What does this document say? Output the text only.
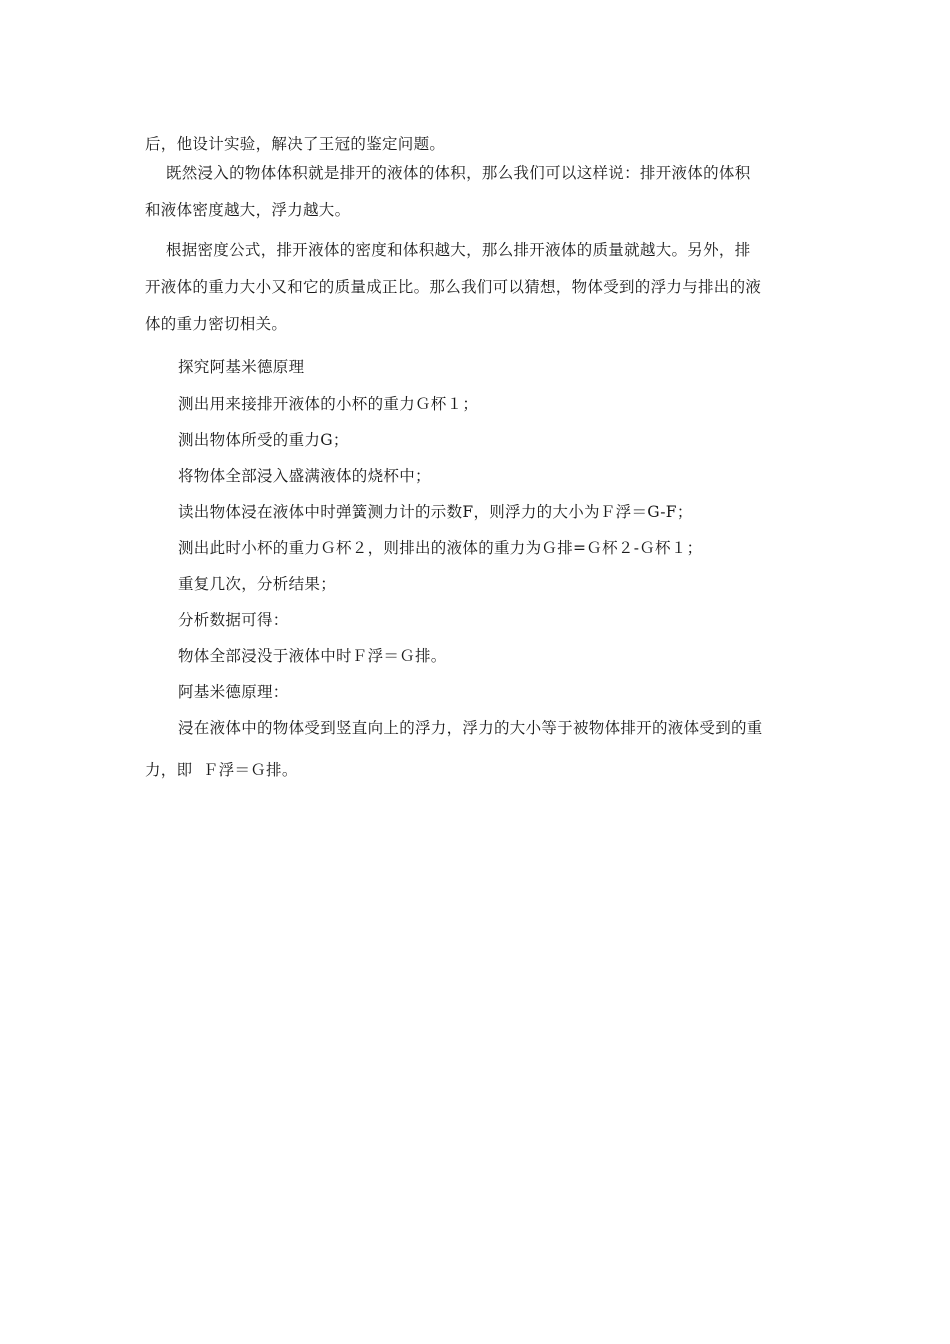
后，他设计实验，解决了王冠的鉴定问题。
既然浸入的物体体积就是排开的液体的体积，那么我们可以这样说：排开液体的体积
和液体密度越大，浮力越大。
根据密度公式，排开液体的密度和体积越大，那么排开液体的质量就越大。另外，排
开液体的重力大小又和它的质量成正比。那么我们可以猜想，物体受到的浮力与排出的液
体的重力密切相关。
探究阿基米德原理
测出用来接排开液体的小杯的重力Ｇ杯１；
测出物体所受的重力G；
将物体全部浸入盛满液体的烧杯中；
读出物体浸在液体中时弹簧测力计的示数F，则浮力的大小为Ｆ浮＝G-F；
测出此时小杯的重力Ｇ杯２，则排出的液体的重力为Ｇ排=Ｇ杯２-Ｇ杯１；
重复几次，分析结果；
分析数据可得：
物体全部浸没于液体中时Ｆ浮＝Ｇ排。
阿基米德原理：
浸在液体中的物体受到竖直向上的浮力，浮力的大小等于被物体排开的液体受到的重
力，即  Ｆ浮＝Ｇ排。
